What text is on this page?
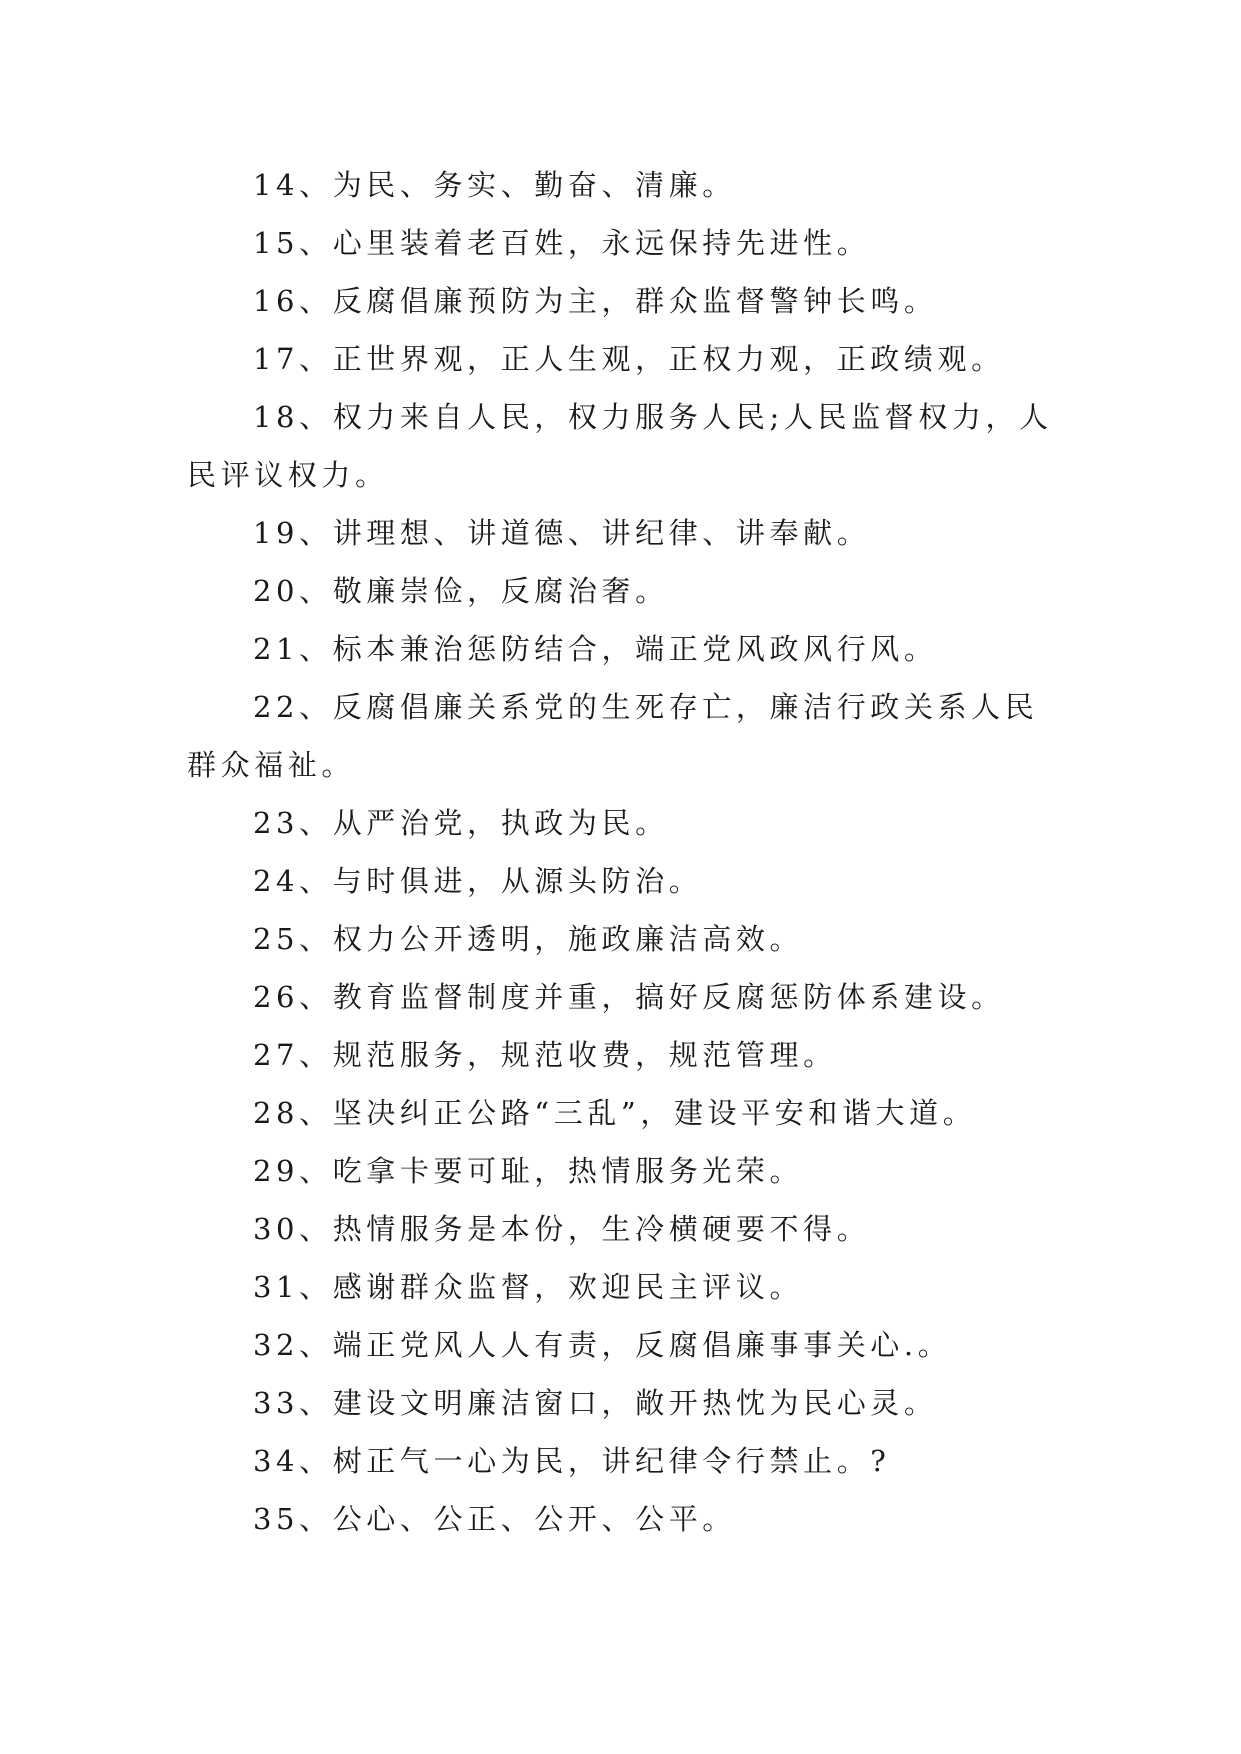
14、为民、务实、勤奋、清廉。

15、心里装着老百姓，永远保持先进性。

16、反腐倡廉预防为主，群众监督警钟长鸣。

17、正世界观，正人生观，正权力观，正政绩观。

18、权力来自人民，权力服务人民;人民监督权力，人民评议权力。

19、讲理想、讲道德、讲纪律、讲奉献。

20、敬廉崇俭，反腐治奢。

21、标本兼治惩防结合，端正党风政风行风。

22、反腐倡廉关系党的生死存亡，廉洁行政关系人民群众福祉。

23、从严治党，执政为民。

24、与时俱进，从源头防治。

25、权力公开透明，施政廉洁高效。

26、教育监督制度并重，搞好反腐惩防体系建设。

27、规范服务，规范收费，规范管理。

28、坚决纠正公路“三乱”，建设平安和谐大道。

29、吃拿卡要可耻，热情服务光荣。

30、热情服务是本份，生冷横硬要不得。

31、感谢群众监督，欢迎民主评议。

32、端正党风人人有责，反腐倡廉事事关心.。

33、建设文明廉洁窗口，敞开热忱为民心灵。

34、树正气一心为民，讲纪律令行禁止。?

35、公心、公正、公开、公平。
